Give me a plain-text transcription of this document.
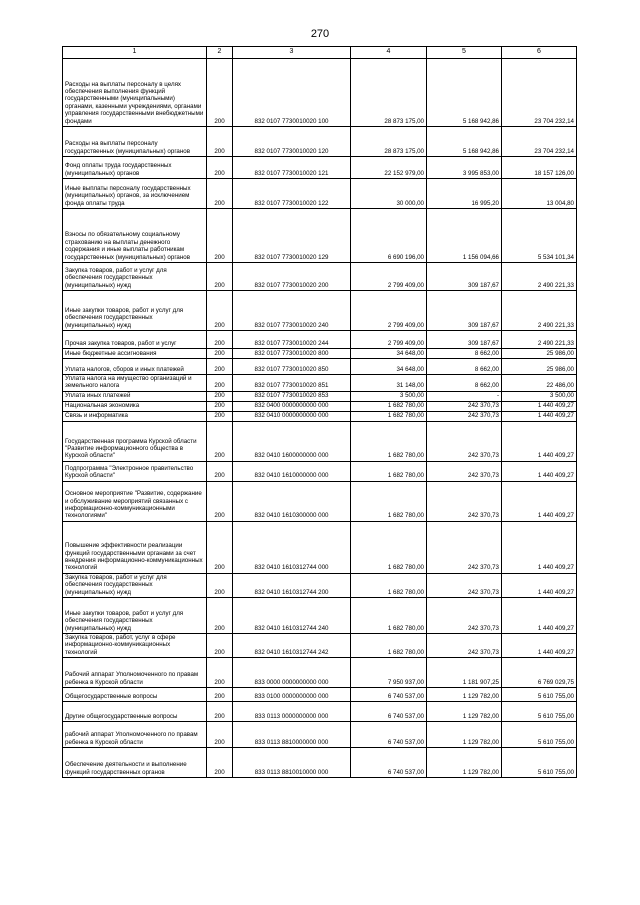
270
1	2	3	4	5	6
Расходы на выплаты персоналу в целях обеспечения выполнения функций государственными (муниципальными) органами, казенными учреждениями, органами управления государственными внебюджетными фондами	200	832 0107 7730010020 100	28 873 175,00	5 168 942,86	23 704 232,14
Расходы на выплаты персоналу государственных (муниципальных) органов	200	832 0107 7730010020 120	28 873 175,00	5 168 942,86	23 704 232,14
Фонд оплаты труда государственных (муниципальных) органов	200	832 0107 7730010020 121	22 152 979,00	3 995 853,00	18 157 126,00
Иные выплаты персоналу государственных (муниципальных) органов, за исключением фонда оплаты труда	200	832 0107 7730010020 122	30 000,00	16 995,20	13 004,80
Взносы по обязательному социальному страхованию на выплаты денежного содержания и иные выплаты работникам государственных (муниципальных) органов	200	832 0107 7730010020 129	6 690 196,00	1 156 094,66	5 534 101,34
Закупка товаров, работ и услуг для обеспечения государственных (муниципальных) нужд	200	832 0107 7730010020 200	2 799 409,00	309 187,67	2 490 221,33
Иные закупки товаров, работ и услуг для обеспечения государственных (муниципальных) нужд	200	832 0107 7730010020 240	2 799 409,00	309 187,67	2 490 221,33
Прочая закупка товаров, работ и услуг	200	832 0107 7730010020 244	2 799 409,00	309 187,67	2 490 221,33
Иные бюджетные ассигнования	200	832 0107 7730010020 800	34 648,00	8 662,00	25 986,00
Уплата налогов, сборов и иных платежей	200	832 0107 7730010020 850	34 648,00	8 662,00	25 986,00
Уплата налога на имущество организаций и земельного налога	200	832 0107 7730010020 851	31 148,00	8 662,00	22 486,00
Уплата иных платежей	200	832 0107 7730010020 853	3 500,00	-	3 500,00
Национальная экономика	200	832 0400 0000000000 000	1 682 780,00	242 370,73	1 440 409,27
Связь и информатика	200	832 0410 0000000000 000	1 682 780,00	242 370,73	1 440 409,27
Государственная программа Курской области "Развитие информационного общества в Курской области"	200	832 0410 1600000000 000	1 682 780,00	242 370,73	1 440 409,27
Подпрограмма "Электронное правительство Курской области"	200	832 0410 1610000000 000	1 682 780,00	242 370,73	1 440 409,27
Основное мероприятие "Развитие, содержание и обслуживание мероприятий связанных с информационно-коммуникационными технологиями"	200	832 0410 1610300000 000	1 682 780,00	242 370,73	1 440 409,27
Повышение эффективности реализации функций государственными органами за счет внедрения информационно-коммуникационных технологий	200	832 0410 1610312744 000	1 682 780,00	242 370,73	1 440 409,27
Закупка товаров, работ и услуг для обеспечения государственных (муниципальных) нужд	200	832 0410 1610312744 200	1 682 780,00	242 370,73	1 440 409,27
Иные закупки товаров, работ и услуг для обеспечения государственных (муниципальных) нужд	200	832 0410 1610312744 240	1 682 780,00	242 370,73	1 440 409,27
Закупка товаров, работ, услуг в сфере информационно-коммуникационных технологий	200	832 0410 1610312744 242	1 682 780,00	242 370,73	1 440 409,27
Рабочий аппарат Уполномоченного по правам ребенка в Курской области	200	833 0000 0000000000 000	7 950 937,00	1 181 907,25	6 769 029,75
Общегосударственные вопросы	200	833 0100 0000000000 000	6 740 537,00	1 129 782,00	5 610 755,00
Другие общегосударственные вопросы	200	833 0113 0000000000 000	6 740 537,00	1 129 782,00	5 610 755,00
рабочий аппарат Уполномоченного по правам ребенка в Курской области	200	833 0113 8810000000 000	6 740 537,00	1 129 782,00	5 610 755,00
Обеспечение деятельности и выполнение функций государственных органов	200	833 0113 8810010000 000	6 740 537,00	1 129 782,00	5 610 755,00
